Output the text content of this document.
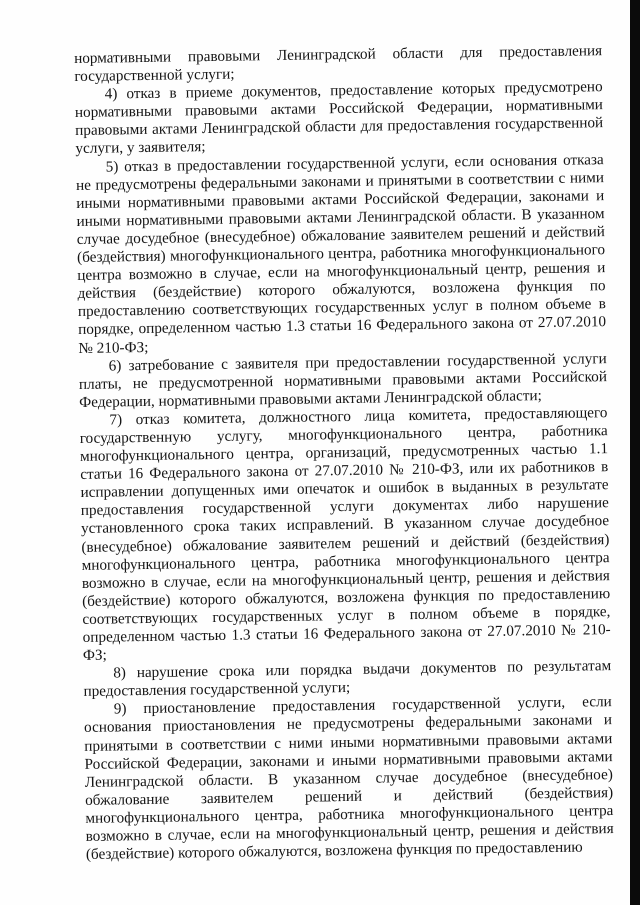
нормативными правовыми Ленинградской области для предоставления государственной услуги;

4) отказ в приеме документов, предоставление которых предусмотрено нормативными правовыми актами Российской Федерации, нормативными правовыми актами Ленинградской области для предоставления государственной услуги, у заявителя;

5) отказ в предоставлении государственной услуги, если основания отказа не предусмотрены федеральными законами и принятыми в соответствии с ними иными нормативными правовыми актами Российской Федерации, законами и иными нормативными правовыми актами Ленинградской области. В указанном случае досудебное (внесудебное) обжалование заявителем решений и действий (бездействия) многофункционального центра, работника многофункционального центра возможно в случае, если на многофункциональный центр, решения и действия (бездействие) которого обжалуются, возложена функция по предоставлению соответствующих государственных услуг в полном объеме в порядке, определенном частью 1.3 статьи 16 Федерального закона от 27.07.2010 № 210-ФЗ;

6) затребование с заявителя при предоставлении государственной услуги платы, не предусмотренной нормативными правовыми актами Российской Федерации, нормативными правовыми актами Ленинградской области;

7) отказ комитета, должностного лица комитета, предоставляющего государственную услугу, многофункционального центра, работника многофункционального центра, организаций, предусмотренных частью 1.1 статьи 16 Федерального закона от 27.07.2010 № 210-ФЗ, или их работников в исправлении допущенных ими опечаток и ошибок в выданных в результате предоставления государственной услуги документах либо нарушение установленного срока таких исправлений. В указанном случае досудебное (внесудебное) обжалование заявителем решений и действий (бездействия) многофункционального центра, работника многофункционального центра возможно в случае, если на многофункциональный центр, решения и действия (бездействие) которого обжалуются, возложена функция по предоставлению соответствующих государственных услуг в полном объеме в порядке, определенном частью 1.3 статьи 16 Федерального закона от 27.07.2010 № 210-ФЗ;

8) нарушение срока или порядка выдачи документов по результатам предоставления государственной услуги;

9) приостановление предоставления государственной услуги, если основания приостановления не предусмотрены федеральными законами и принятыми в соответствии с ними иными нормативными правовыми актами Российской Федерации, законами и иными нормативными правовыми актами Ленинградской области. В указанном случае досудебное (внесудебное) обжалование заявителем решений и действий (бездействия) многофункционального центра, работника многофункционального центра возможно в случае, если на многофункциональный центр, решения и действия (бездействие) которого обжалуются, возложена функция по предоставлению
